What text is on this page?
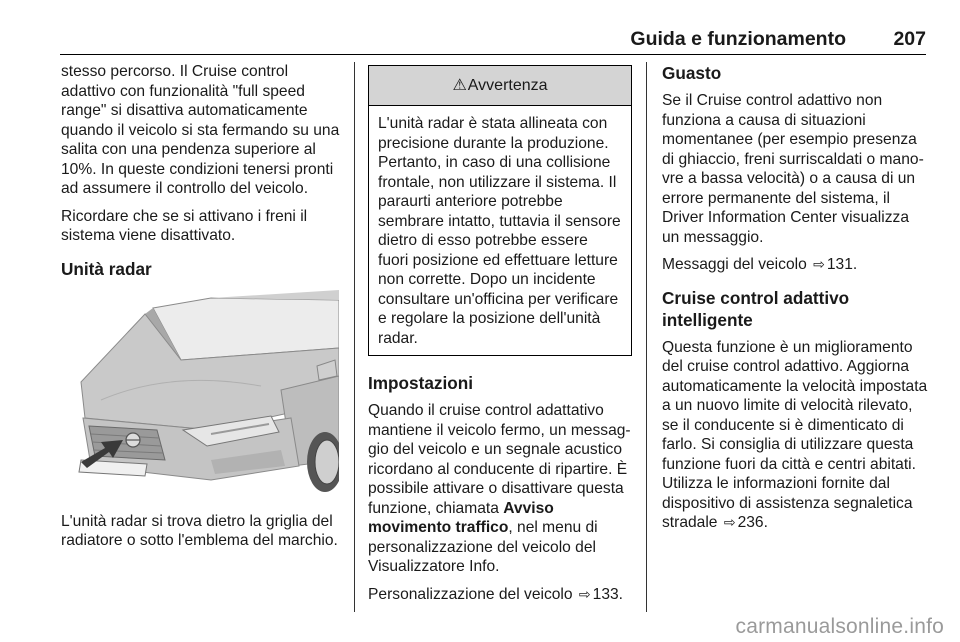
Guida e funzionamento 207

stesso percorso. Il Cruise control adattivo con funzionalità "full speed range" si disattiva automaticamente quando il veicolo si sta fermando su una salita con una pendenza superiore al 10%. In queste condizioni tenersi pronti ad assumere il controllo del veicolo.

Ricordare che se si attivano i freni il sistema viene disattivato.

Unità radar

L'unità radar si trova dietro la griglia del radiatore o sotto l'emblema del marchio.

⚠ Avvertenza
L'unità radar è stata allineata con precisione durante la produzione. Pertanto, in caso di una collisione frontale, non utilizzare il sistema. Il paraurti anteriore potrebbe sembrare intatto, tuttavia il sensore dietro di esso potrebbe essere fuori posizione ed effettuare letture non corrette. Dopo un incidente consultare un'officina per verificare e regolare la posizione dell'unità radar.
Impostazioni

Quando il cruise control adattativo mantiene il veicolo fermo, un messaggio del veicolo e un segnale acustico ricordano al conducente di ripartire. È possibile attivare o disattivare questa funzione, chiamata Avviso movimento traffico, nel menu di personalizzazione del veicolo del Visualizzatore Info.

Personalizzazione del veicolo ⇨ 133.

Guasto

Se il Cruise control adattivo non funziona a causa di situazioni momentanee (per esempio presenza di ghiaccio, freni surriscaldati o manovre a bassa velocità) o a causa di un errore permanente del sistema, il Driver Information Center visualizza un messaggio.

Messaggi del veicolo ⇨ 131.

Cruise control adattivo intelligente

Questa funzione è un miglioramento del cruise control adattivo. Aggiorna automaticamente la velocità impostata a un nuovo limite di velocità rilevato, se il conducente si è dimenticato di farlo. Si consiglia di utilizzare questa funzione fuori da città e centri abitati. Utilizza le informazioni fornite dal dispositivo di assistenza segnaletica stradale ⇨ 236.

carmanualsonline.info
